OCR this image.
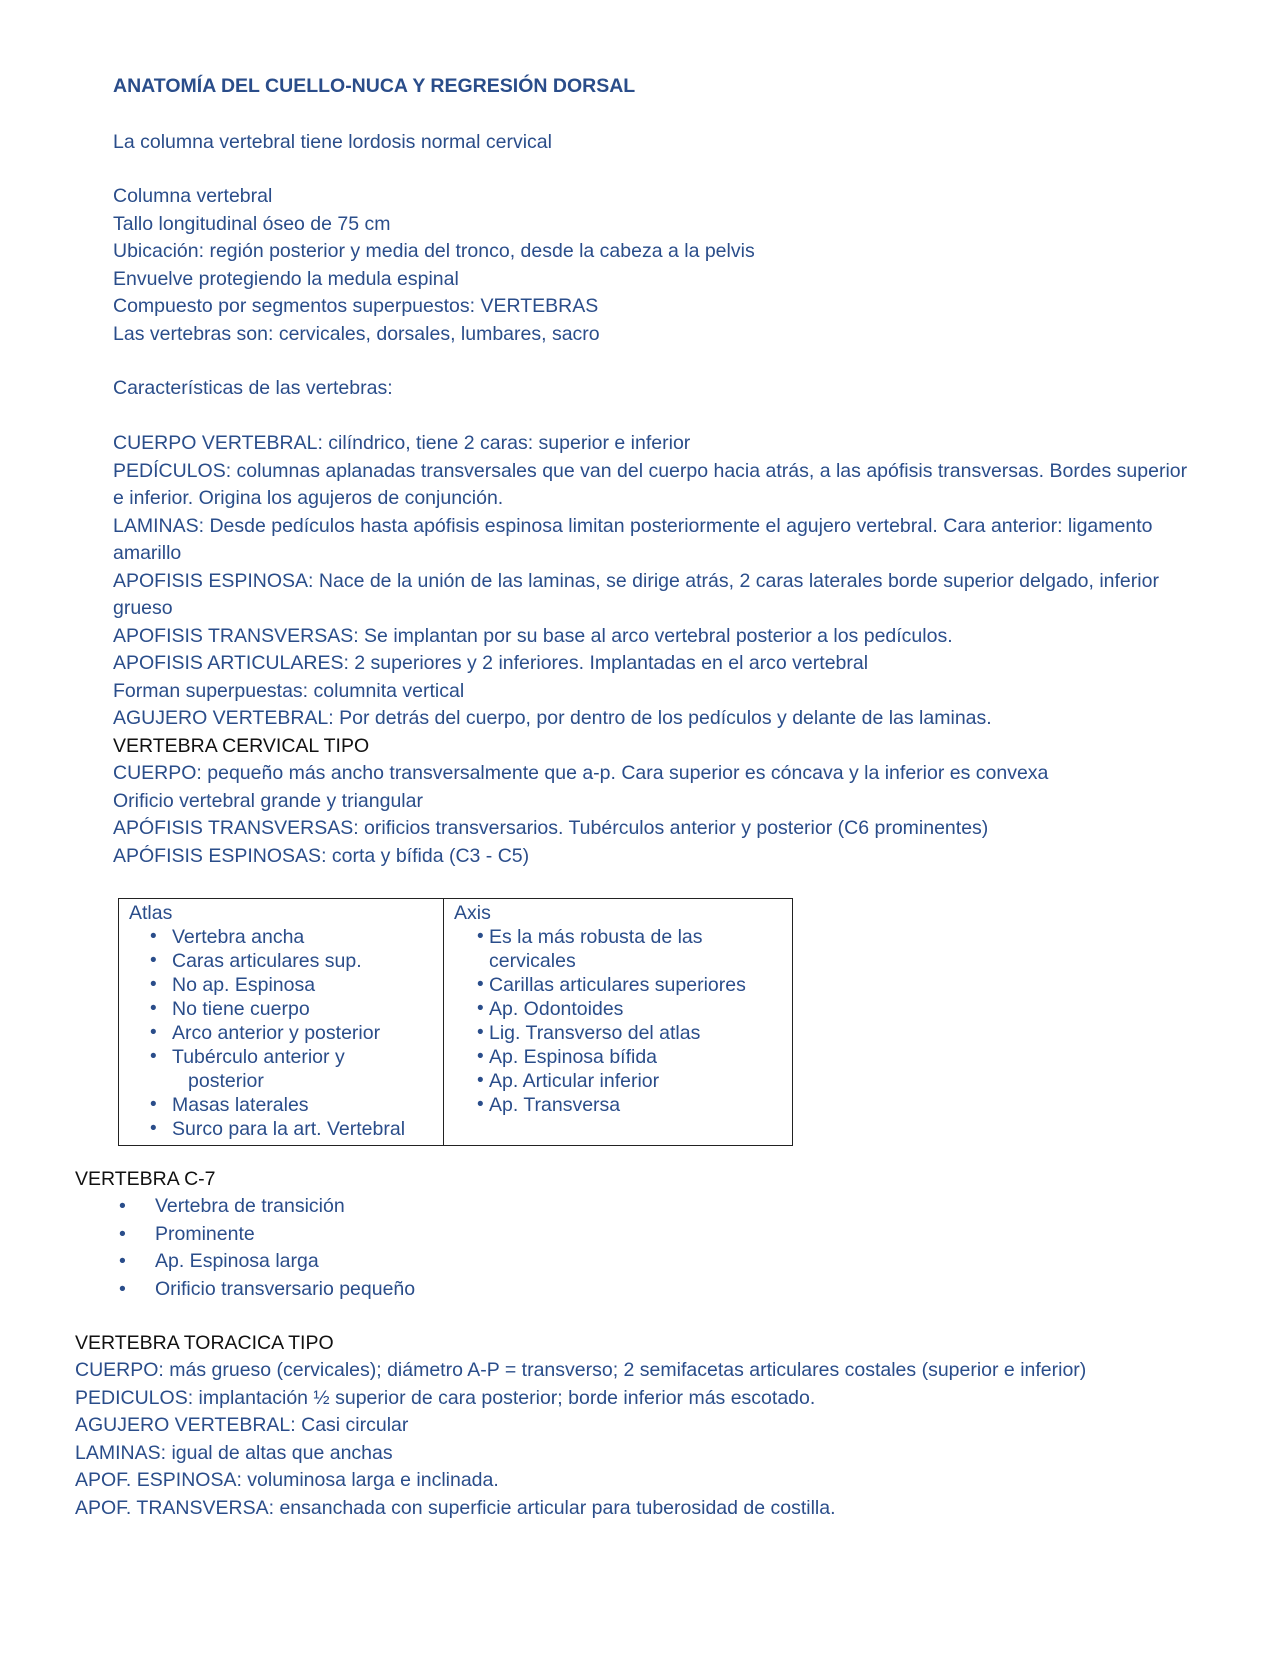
ANATOMÍA DEL CUELLO-NUCA Y REGRESIÓN DORSAL
La columna vertebral tiene lordosis normal cervical
Columna vertebral
Tallo longitudinal óseo de 75 cm
Ubicación: región posterior y media del tronco, desde la cabeza a la pelvis
Envuelve protegiendo la medula espinal
Compuesto por segmentos superpuestos: VERTEBRAS
Las vertebras son: cervicales, dorsales, lumbares, sacro
Características de las vertebras:
CUERPO VERTEBRAL: cilíndrico, tiene 2 caras: superior e inferior
PEDÍCULOS: columnas aplanadas transversales que van del cuerpo hacia atrás, a las apófisis transversas. Bordes superior e inferior. Origina los agujeros de conjunción.
LAMINAS: Desde pedículos hasta apófisis espinosa limitan posteriormente el agujero vertebral. Cara anterior: ligamento amarillo
APOFISIS ESPINOSA: Nace de la unión de las laminas, se dirige atrás, 2 caras laterales borde superior delgado, inferior grueso
APOFISIS TRANSVERSAS: Se implantan por su base al arco vertebral posterior a los pedículos.
APOFISIS ARTICULARES: 2 superiores y 2 inferiores. Implantadas en el arco vertebral
Forman superpuestas: columnita vertical
AGUJERO VERTEBRAL: Por detrás del cuerpo, por dentro de los pedículos y delante de las laminas.
VERTEBRA CERVICAL TIPO
CUERPO: pequeño más ancho transversalmente que a-p. Cara superior es cóncava y la inferior es convexa
Orificio vertebral grande y triangular
APÓFISIS TRANSVERSAS: orificios transversarios. Tubérculos anterior y posterior (C6 prominentes)
APÓFISIS ESPINOSAS: corta y bífida (C3 - C5)
Atlas
• Vertebra ancha
• Caras articulares sup.
• No ap. Espinosa
• No tiene cuerpo
• Arco anterior y posterior
• Tubérculo anterior y
posterior
• Masas laterales
• Surco para la art. Vertebral

Axis
• Es la más robusta de las
cervicales
• Carillas articulares superiores
• Ap. Odontoides
• Lig. Transverso del atlas
• Ap. Espinosa bífida
• Ap. Articular inferior
• Ap. Transversa
VERTEBRA C-7
• Vertebra de transición
• Prominente
• Ap. Espinosa larga
• Orificio transversario pequeño
VERTEBRA TORACICA TIPO
CUERPO: más grueso (cervicales); diámetro A-P = transverso; 2 semifacetas articulares costales (superior e inferior)
PEDICULOS: implantación ½ superior de cara posterior; borde inferior más escotado.
AGUJERO VERTEBRAL: Casi circular
LAMINAS: igual de altas que anchas
APOF. ESPINOSA: voluminosa larga e inclinada.
APOF. TRANSVERSA: ensanchada con superficie articular para tuberosidad de costilla.
